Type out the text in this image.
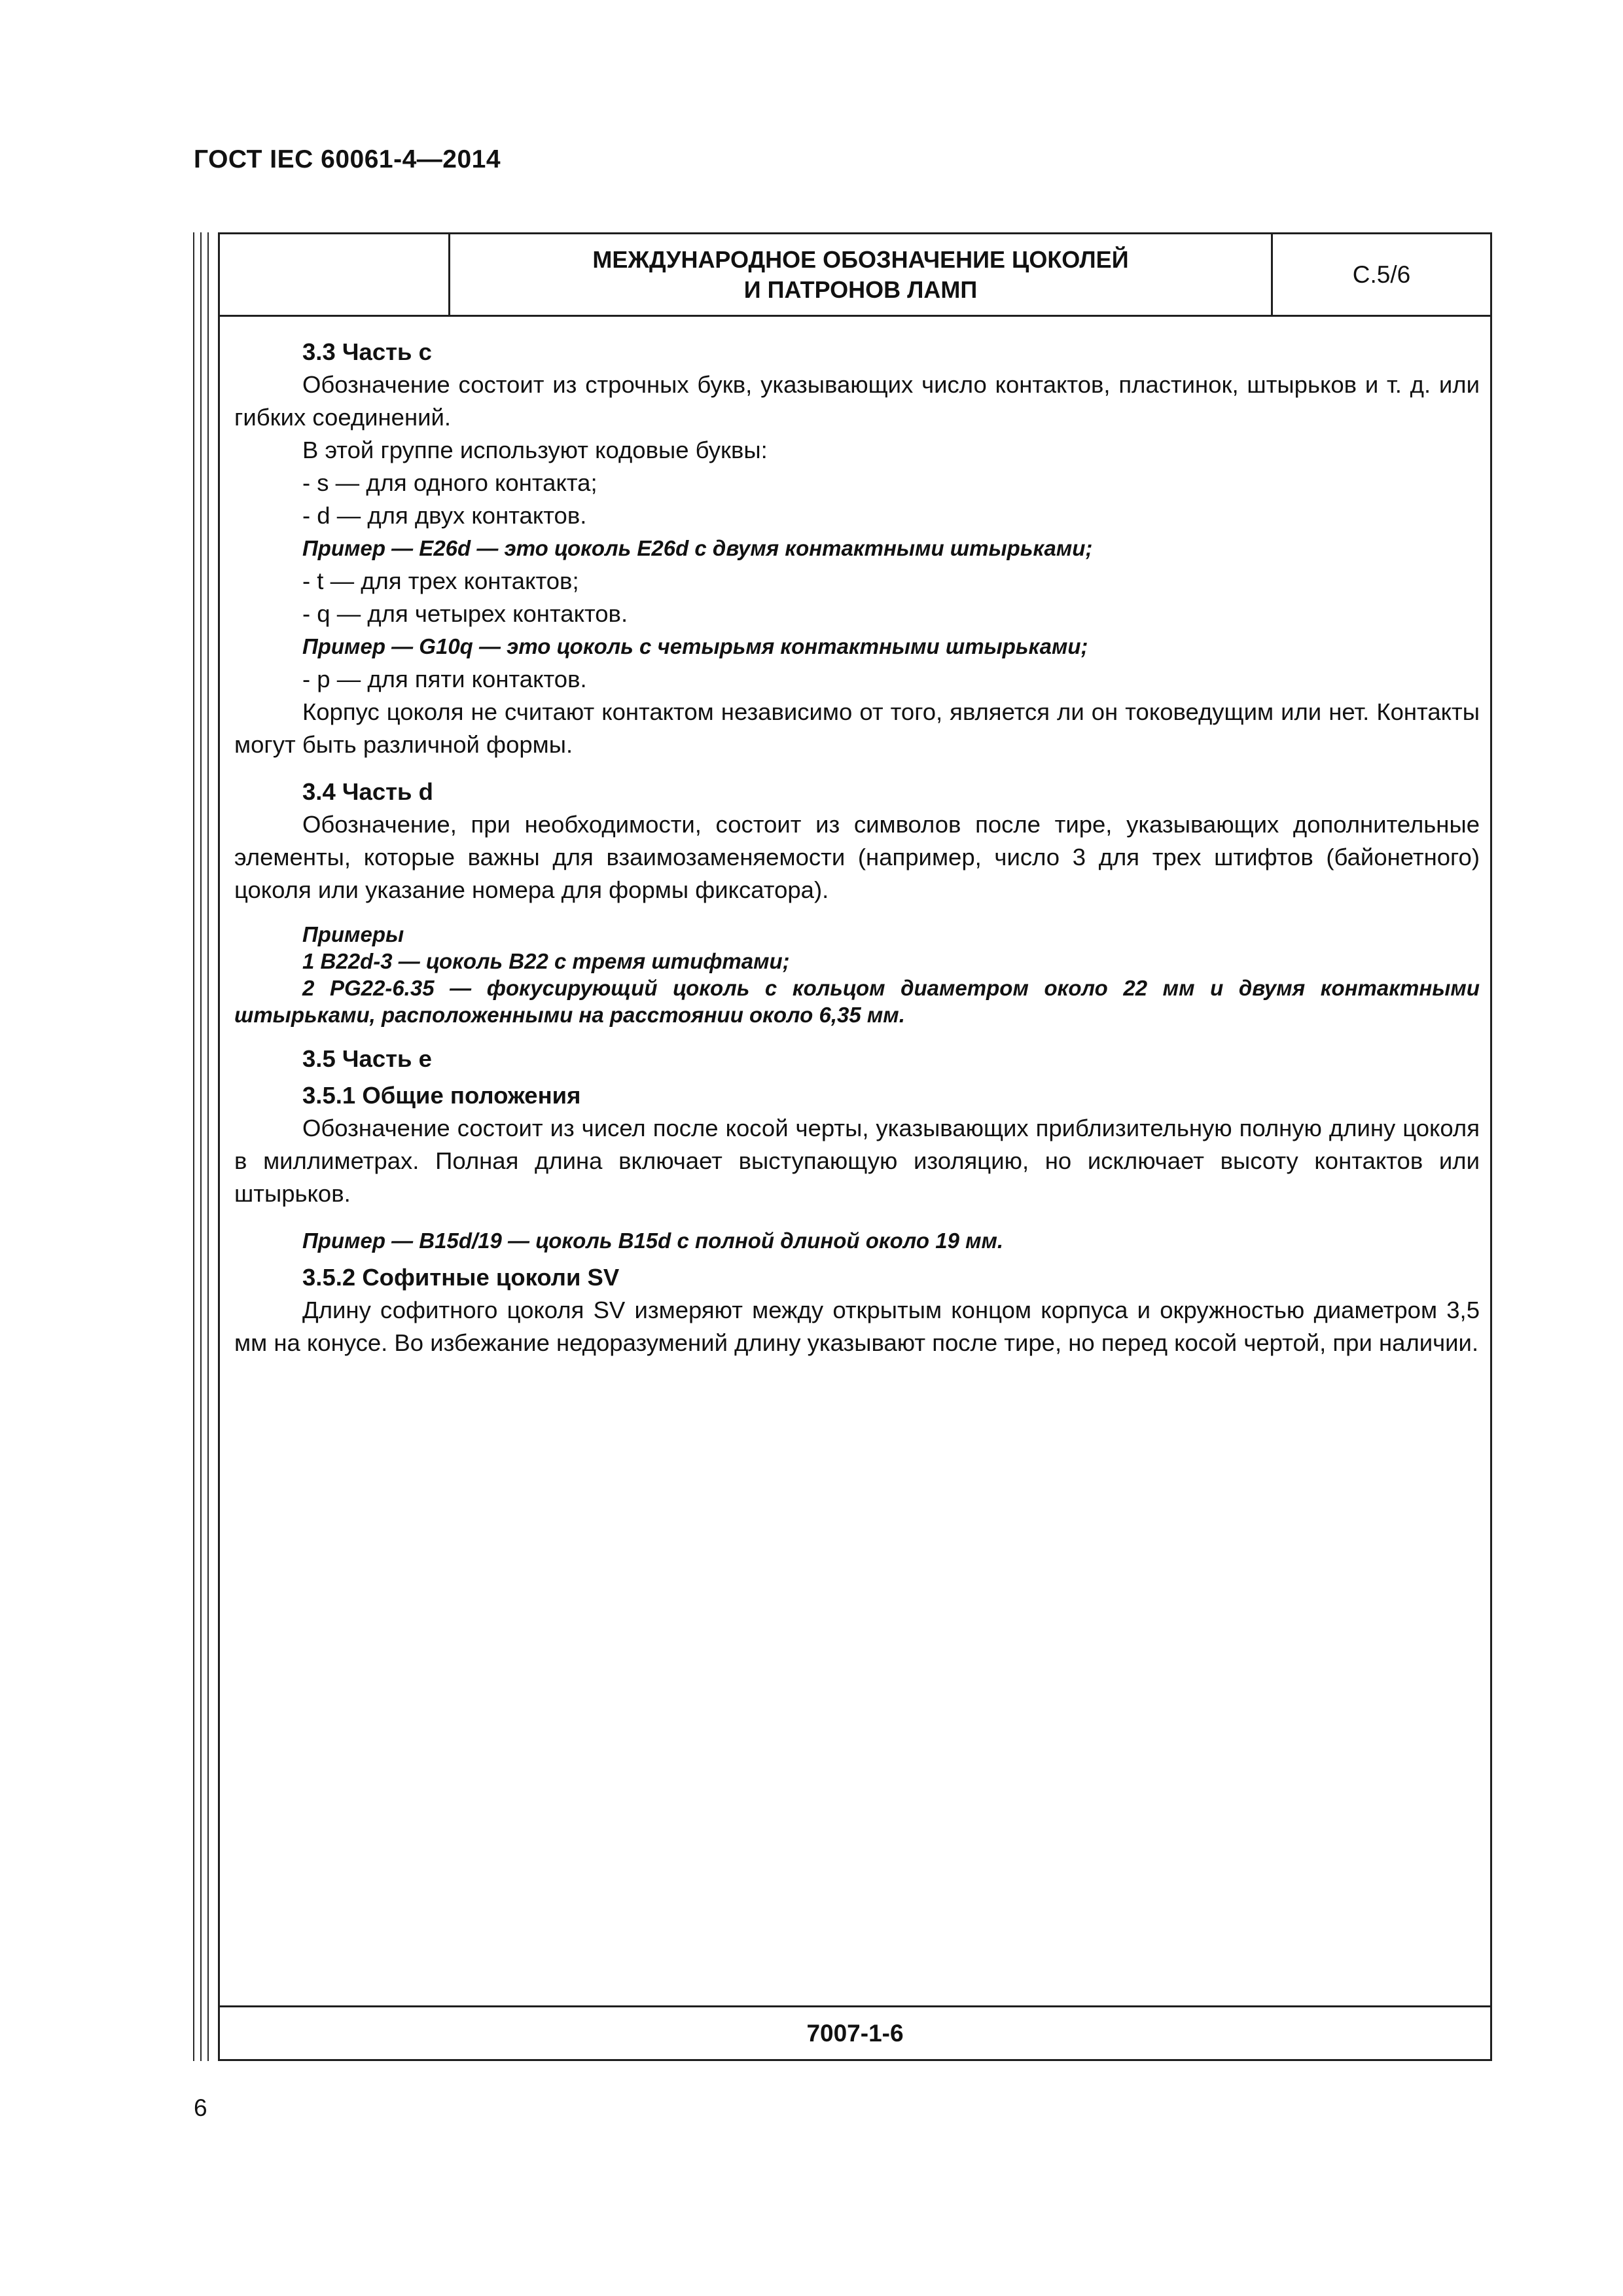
ГОСТ IEC 60061-4—2014
МЕЖДУНАРОДНОЕ ОБОЗНАЧЕНИЕ ЦОКОЛЕЙ
И ПАТРОНОВ ЛАМП
С.5/6

3.3 Часть c

Обозначение состоит из строчных букв, указывающих число контактов, пластинок, штырьков и т. д. или гибких соединений.

В этой группе используют кодовые буквы:

- s — для одного контакта;

- d — для двух контактов.

Пример — E26d — это цоколь E26d с двумя контактными штырьками;

- t — для трех контактов;

- q — для четырех контактов.

Пример — G10q — это цоколь с четырьмя контактными штырьками;

- p — для пяти контактов.

Корпус цоколя не считают контактом независимо от того, является ли он токоведущим или нет. Контакты могут быть различной формы.

3.4 Часть d

Обозначение, при необходимости, состоит из символов после тире, указывающих дополнительные элементы, которые важны для взаимозаменяемости (например, число 3 для трех штифтов (байонетного) цоколя или указание номера для формы фиксатора).

Примеры

1 B22d-3 — цоколь B22 с тремя штифтами;

2 PG22-6.35 — фокусирующий цоколь с кольцом диаметром около 22 мм и двумя контактными штырьками, расположенными на расстоянии около 6,35 мм.

3.5 Часть e

3.5.1 Общие положения

Обозначение состоит из чисел после косой черты, указывающих приблизительную полную длину цоколя в миллиметрах. Полная длина включает выступающую изоляцию, но исключает высоту контактов или штырьков.

Пример — B15d/19 — цоколь B15d с полной длиной около 19 мм.

3.5.2 Софитные цоколи SV

Длину софитного цоколя SV измеряют между открытым концом корпуса и окружностью диаметром 3,5 мм на конусе. Во избежание недоразумений длину указывают после тире, но перед косой чертой, при наличии.

7007-1-6
6
